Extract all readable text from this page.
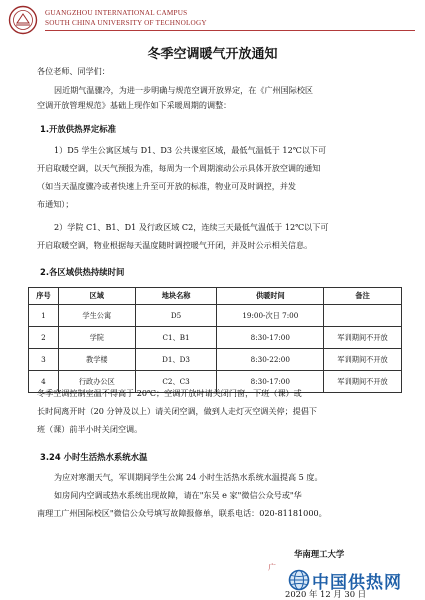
GUANGZHOU INTERNATIONAL CAMPUS
SOUTH CHINA UNIVERSITY OF TECHNOLOGY
冬季空调暖气开放通知
各位老师、同学们：
因近期气温骤冷，为进一步明确与规范空调开放界定，在《广州国际校区
空调开放管理规范》基础上现作如下采暖周期的调整：
1.开放供热界定标准
1）D5 学生公寓区域与 D1、D3 公共课室区域，最低气温低于 12℃以下可
开启取暖空调，以天气预报为准，每周为一个周期滚动公示具体开放空调的通知
（如当天温度骤冷或者快速上升至可开放的标准，物业可及时调控，并发
布通知）；
2）学院 C1、B1、D1 及行政区域 C2，连续三天最低气温低于 12℃以下可
开启取暖空调，物业根据每天温度随时调控暖气开闭，并及时公示相关信息。
2.各区域供热持续时间
序号	区域	地块名称	供暖时间	备注
1	学生公寓	D5	19:00-次日 7:00	
2	学院	C1、B1	8:30-17:00	军训期间不开放
3	教学楼	D1、D3	8:30-22:00	军训期间不开放
4	行政办公区	C2、C3	8:30-17:00	军训期间不开放
冬季空调控制室温不得高于 20℃；空调开放时请关闭门窗，下班（课）或
长时间离开时（20 分钟及以上）请关闭空调，做到人走灯灭空调关停；提倡下
班（课）前半小时关闭空调。
3.24 小时生活热水系统水温
为应对寒潮天气，军训期间学生公寓 24 小时生活热水系统水温提高 5 度。
如房间内空调或热水系统出现故障，请在"东吴 e 家"微信公众号或"华
南理工广州国际校区"微信公众号填写故障报修单，联系电话：020-81181000。
华南理工大学
广
2020 年 12 月 30 日
中国供热网
